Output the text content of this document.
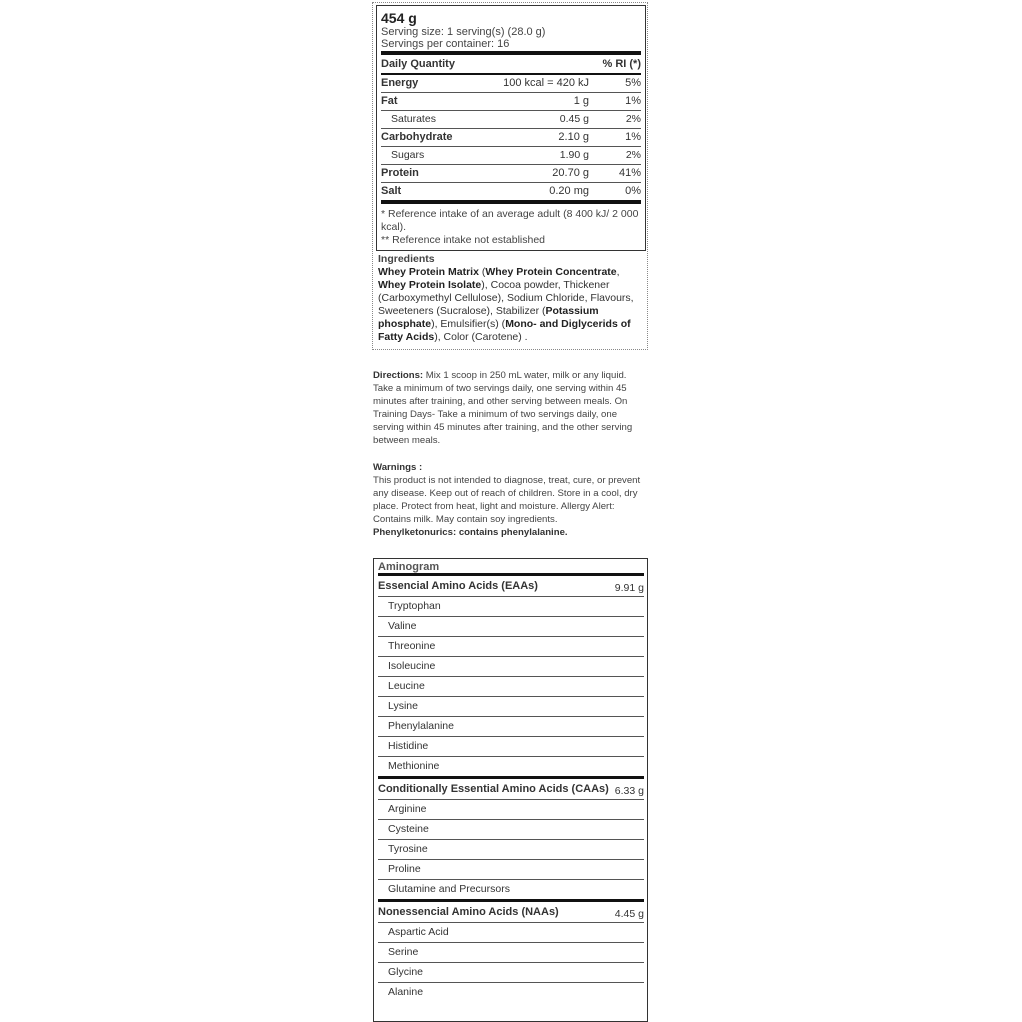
454 g
Serving size: 1 serving(s) (28.0 g)
Servings per container: 16
Daily Quantity	% RI (*)
Energy	100 kcal = 420 kJ	5%
Fat	1 g	1%
Saturates	0.45 g	2%
Carbohydrate	2.10 g	1%
Sugars	1.90 g	2%
Protein	20.70 g	41%
Salt	0.20 mg	0%
* Reference intake of an average adult (8 400 kJ/ 2 000 kcal).
** Reference intake not established
Ingredients
Whey Protein Matrix (Whey Protein Concentrate, Whey Protein Isolate), Cocoa powder, Thickener (Carboxymethyl Cellulose), Sodium Chloride, Flavours, Sweeteners (Sucralose), Stabilizer (Potassium phosphate), Emulsifier(s) (Mono- and Diglycerids of Fatty Acids), Color (Carotene) .
Directions: Mix 1 scoop in 250 mL water, milk or any liquid. Take a minimum of two servings daily, one serving within 45 minutes after training, and other serving between meals. On Training Days- Take a minimum of two servings daily, one serving within 45 minutes after training, and the other serving between meals.
Warnings :
This product is not intended to diagnose, treat, cure, or prevent any disease. Keep out of reach of children. Store in a cool, dry place. Protect from heat, light and moisture. Allergy Alert: Contains milk. May contain soy ingredients.
Phenylketonurics: contains phenylalanine.
Aminogram
Essencial Amino Acids (EAAs)	9.91 g
Tryptophan
Valine
Threonine
Isoleucine
Leucine
Lysine
Phenylalanine
Histidine
Methionine
Conditionally Essential Amino Acids (CAAs) 6.33 g
Arginine
Cysteine
Tyrosine
Proline
Glutamine and Precursors
Nonessencial Amino Acids (NAAs)	4.45 g
Aspartic Acid
Serine
Glycine
Alanine
